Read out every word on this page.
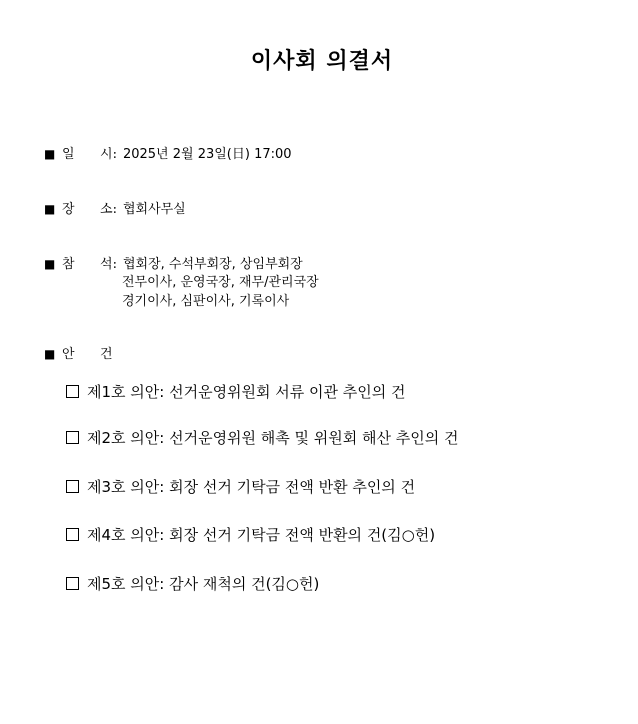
이사회 의결서
■ 일 시: 2025년 2월 23일(日) 17:00
■ 장 소: 협회사무실
■ 참 석: 협회장, 수석부회장, 상임부회장
전무이사, 운영국장, 재무/관리국장
경기이사, 심판이사, 기록이사
■ 안 건
제1호 의안: 선거운영위원회 서류 이관 추인의 건
제2호 의안: 선거운영위원 해촉 및 위원회 해산 추인의 건
제3호 의안: 회장 선거 기탁금 전액 반환 추인의 건
제4호 의안: 회장 선거 기탁금 전액 반환의 건(김○헌)
제5호 의안: 감사 재척의 건(김○헌)
